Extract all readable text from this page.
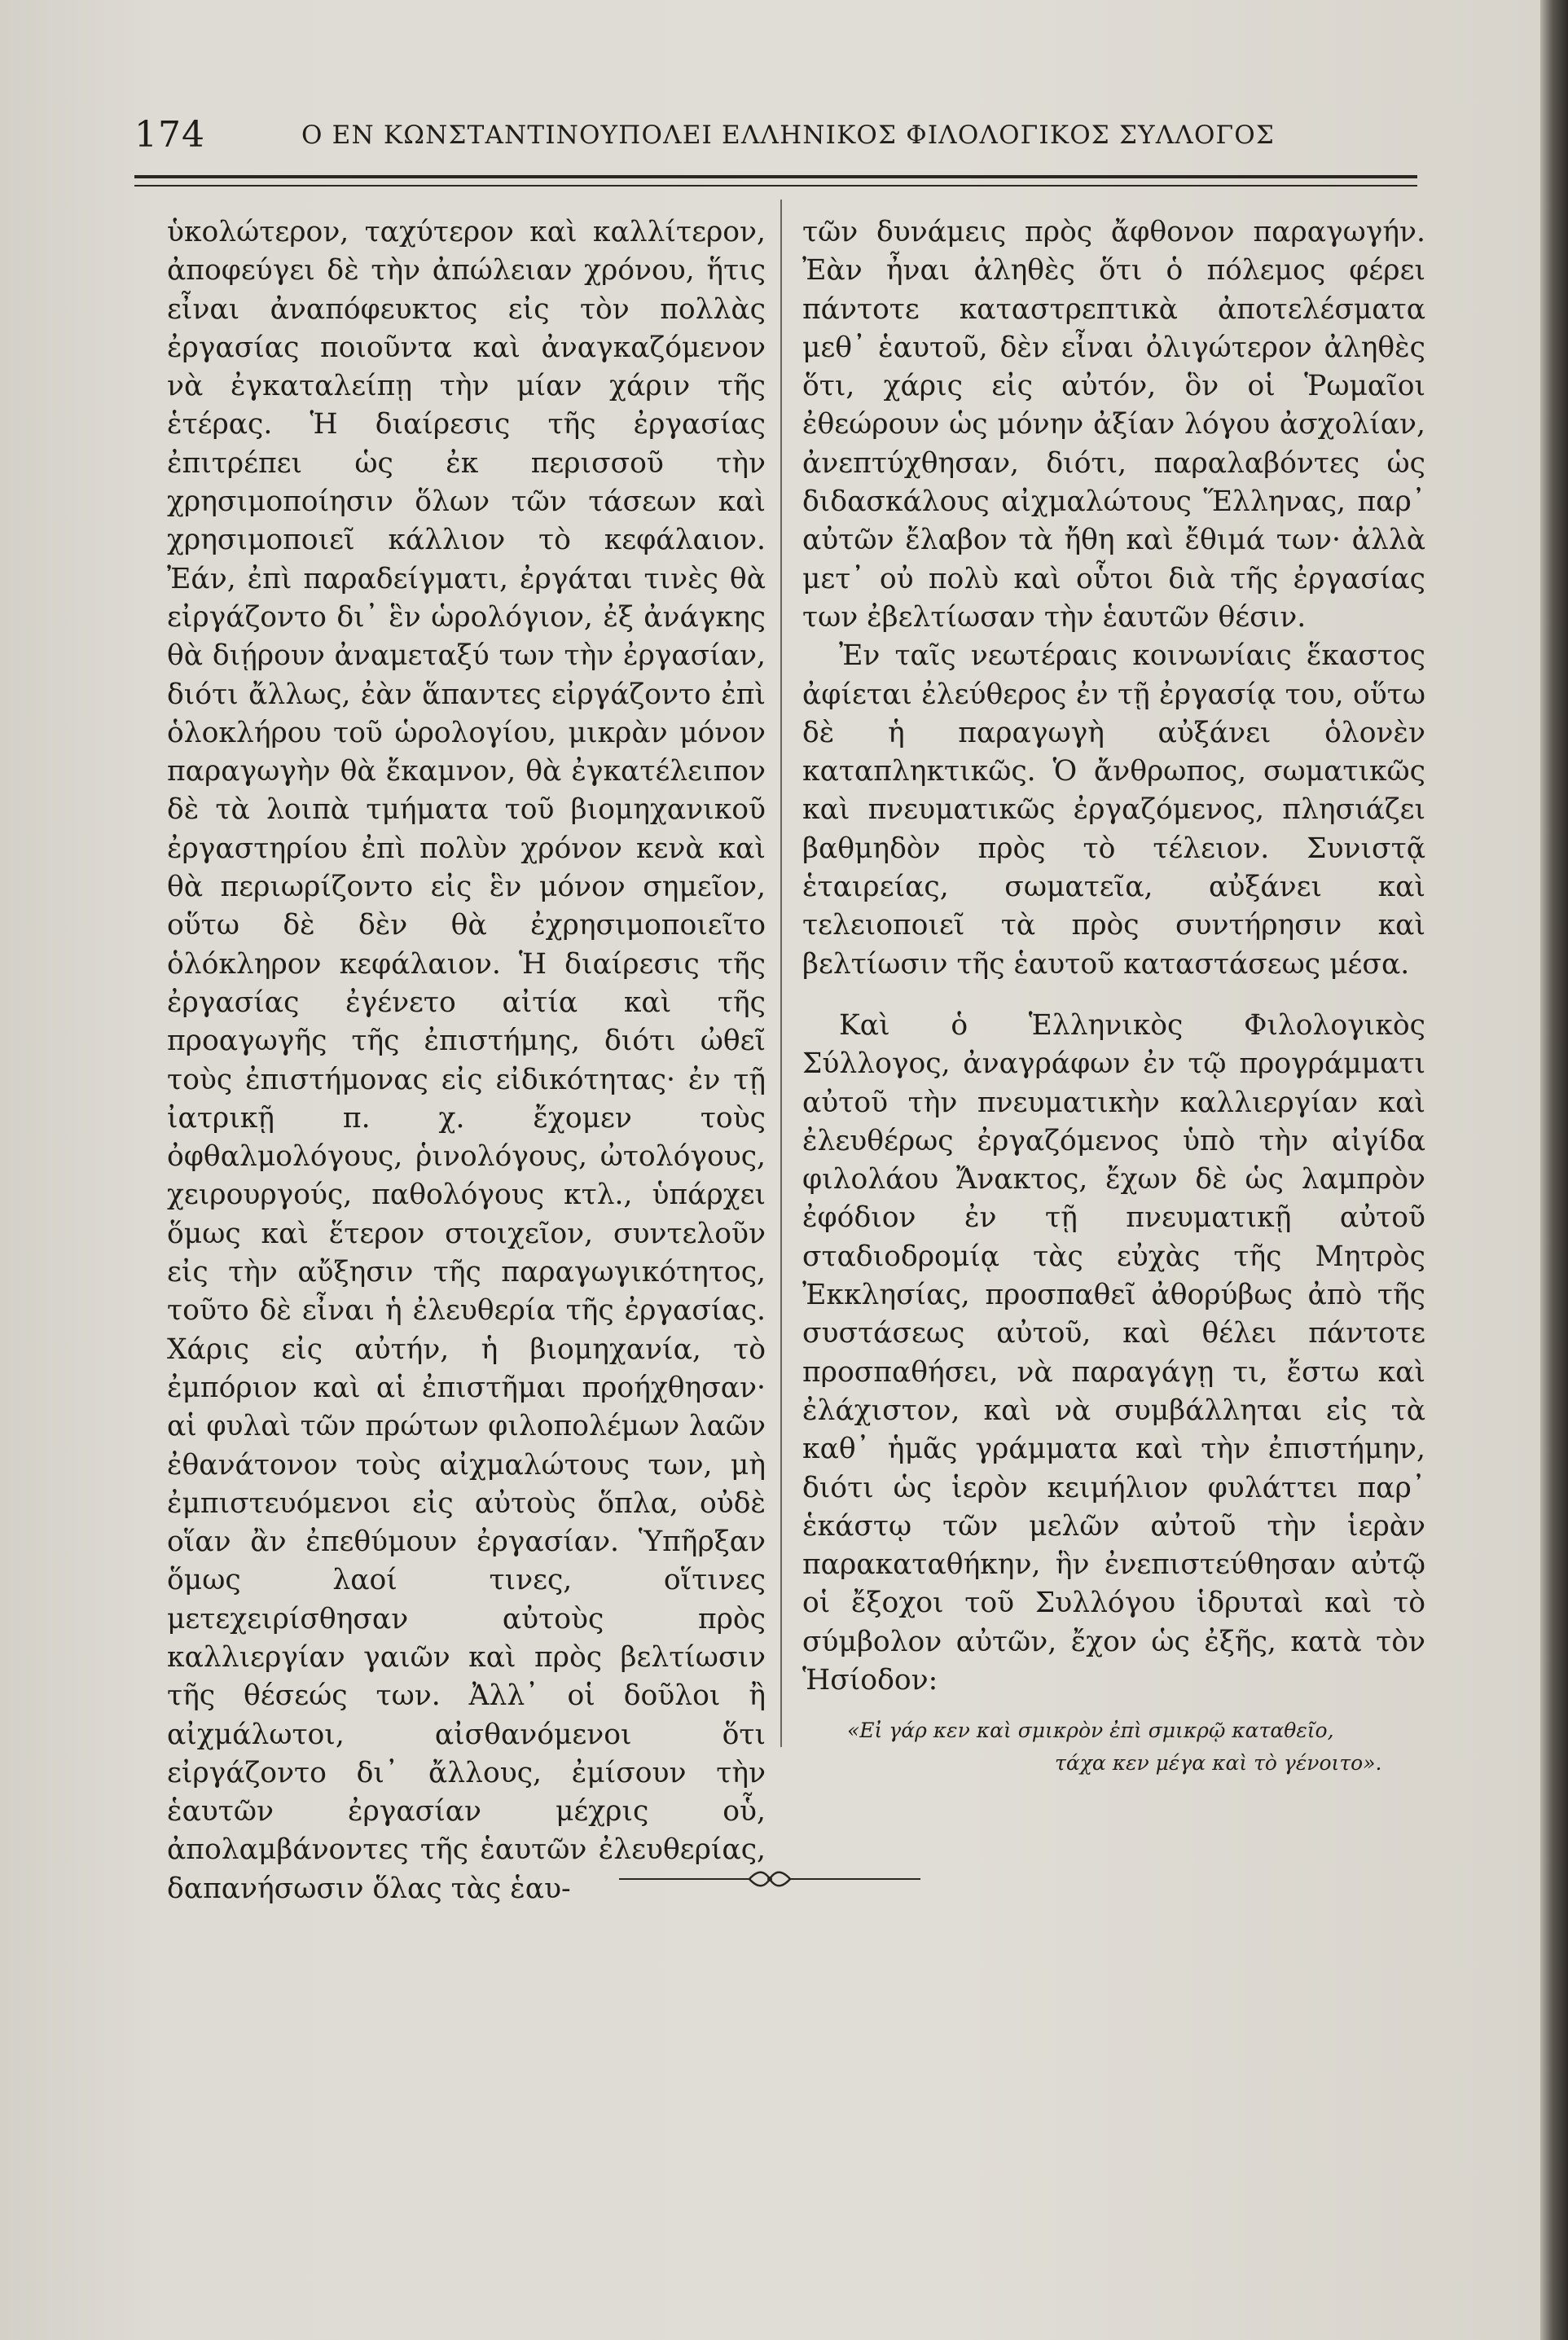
174	Ο ΕΝ ΚΩΝΣΤΑΝΤΙΝΟΥΠΟΛΕΙ ΕΛΛΗΝΙΚΟΣ ΦΙΛΟΛΟΓΙΚΟΣ ΣΥΛΛΟΓΟΣ

ὑκολώτερον, ταχύτερον καὶ καλλίτερον, ἀποφεύγει δὲ τὴν ἀπώλειαν χρόνου, ἥτις εἶναι ἀναπόφευκτος εἰς τὸν πολλὰς ἐργασίας ποιοῦντα καὶ ἀναγκαζόμενον νὰ ἐγκαταλείπῃ τὴν μίαν χάριν τῆς ἑτέρας. Ἡ διαίρεσις τῆς ἐργασίας ἐπιτρέπει ὡς ἐκ περισσοῦ τὴν χρησιμοποίησιν ὅλων τῶν τάσεων καὶ χρησιμοποιεῖ κάλλιον τὸ κεφάλαιον. Ἐάν, ἐπὶ παραδείγματι, ἐργάται τινὲς θὰ εἰργάζοντο δι᾽ ἓν ὡρολόγιον, ἐξ ἀνάγκης θὰ διῄρουν ἀναμεταξύ των τὴν ἐργασίαν, διότι ἄλλως, ἐὰν ἅπαντες εἰργάζοντο ἐπὶ ὁλοκλήρου τοῦ ὡρολογίου, μικρὰν μόνον παραγωγὴν θὰ ἔκαμνον, θὰ ἐγκατέλειπον δὲ τὰ λοιπὰ τμήματα τοῦ βιομηχανικοῦ ἐργαστηρίου ἐπὶ πολὺν χρόνον κενὰ καὶ θὰ περιωρίζοντο εἰς ἓν μόνον σημεῖον, οὕτω δὲ δὲν θὰ ἐχρησιμοποιεῖτο ὁλόκληρον κεφάλαιον. Ἡ διαίρεσις τῆς ἐργασίας ἐγένετο αἰτία καὶ τῆς προαγωγῆς τῆς ἐπιστήμης, διότι ὠθεῖ τοὺς ἐπιστήμονας εἰς εἰδικότητας· ἐν τῇ ἰατρικῇ π. χ. ἔχομεν τοὺς ὀφθαλμολόγους, ῥινολόγους, ὠτολόγους, χειρουργούς, παθολόγους κτλ., ὑπάρχει ὅμως καὶ ἕτερον στοιχεῖον, συντελοῦν εἰς τὴν αὔξησιν τῆς παραγωγικότητος, τοῦτο δὲ εἶναι ἡ ἐλευθερία τῆς ἐργασίας. Χάρις εἰς αὐτήν, ἡ βιομηχανία, τὸ ἐμπόριον καὶ αἱ ἐπιστῆμαι προήχθησαν· αἱ φυλαὶ τῶν πρώτων φιλοπολέμων λαῶν ἐθανάτονον τοὺς αἰχμαλώτους των, μὴ ἐμπιστευόμενοι εἰς αὐτοὺς ὅπλα, οὐδὲ οἵαν ἂν ἐπεθύμουν ἐργασίαν. Ὑπῆρξαν ὅμως λαοί τινες, οἵτινες μετεχειρίσθησαν αὐτοὺς πρὸς καλλιεργίαν γαιῶν καὶ πρὸς βελτίωσιν τῆς θέσεώς των. Ἀλλ᾽ οἱ δοῦλοι ἢ αἰχμάλωτοι, αἰσθανόμενοι ὅτι εἰργάζοντο δι᾽ ἄλλους, ἐμίσουν τὴν ἑαυτῶν ἐργασίαν μέχρις οὗ, ἀπολαμβάνοντες τῆς ἑαυτῶν ἐλευθερίας, δαπανήσωσιν ὅλας τὰς ἑαυ-

τῶν δυνάμεις πρὸς ἄφθονον παραγωγήν. Ἐὰν ἦναι ἀληθὲς ὅτι ὁ πόλεμος φέρει πάντοτε καταστρεπτικὰ ἀποτελέσματα μεθ᾽ ἑαυτοῦ, δὲν εἶναι ὀλιγώτερον ἀληθὲς ὅτι, χάρις εἰς αὐτόν, ὃν οἱ Ῥωμαῖοι ἐθεώρουν ὡς μόνην ἀξίαν λόγου ἀσχολίαν, ἀνεπτύχθησαν, διότι, παραλαβόντες ὡς διδασκάλους αἰχμαλώτους Ἕλληνας, παρ᾽ αὐτῶν ἔλαβον τὰ ἤθη καὶ ἔθιμά των· ἀλλὰ μετ᾽ οὐ πολὺ καὶ οὗτοι διὰ τῆς ἐργασίας των ἐβελτίωσαν τὴν ἑαυτῶν θέσιν.

Ἐν ταῖς νεωτέραις κοινωνίαις ἕκαστος ἀφίεται ἐλεύθερος ἐν τῇ ἐργασίᾳ του, οὕτω δὲ ἡ παραγωγὴ αὐξάνει ὁλονὲν καταπληκτικῶς. Ὁ ἄνθρωπος, σωματικῶς καὶ πνευματικῶς ἐργαζόμενος, πλησιάζει βαθμηδὸν πρὸς τὸ τέλειον. Συνιστᾷ ἑταιρείας, σωματεῖα, αὐξάνει καὶ τελειοποιεῖ τὰ πρὸς συντήρησιν καὶ βελτίωσιν τῆς ἑαυτοῦ καταστάσεως μέσα.

Καὶ ὁ Ἑλληνικὸς Φιλολογικὸς Σύλλογος, ἀναγράφων ἐν τῷ προγράμματι αὐτοῦ τὴν πνευματικὴν καλλιεργίαν καὶ ἐλευθέρως ἐργαζόμενος ὑπὸ τὴν αἰγίδα φιλολάου Ἄνακτος, ἔχων δὲ ὡς λαμπρὸν ἐφόδιον ἐν τῇ πνευματικῇ αὐτοῦ σταδιοδρομίᾳ τὰς εὐχὰς τῆς Μητρὸς Ἐκκλησίας, προσπαθεῖ ἀθορύβως ἀπὸ τῆς συστάσεως αὐτοῦ, καὶ θέλει πάντοτε προσπαθήσει, νὰ παραγάγῃ τι, ἔστω καὶ ἐλάχιστον, καὶ νὰ συμβάλληται εἰς τὰ καθ᾽ ἡμᾶς γράμματα καὶ τὴν ἐπιστήμην, διότι ὡς ἱερὸν κειμήλιον φυλάττει παρ᾽ ἑκάστῳ τῶν μελῶν αὐτοῦ τὴν ἱερὰν παρακαταθήκην, ἣν ἐνεπιστεύθησαν αὐτῷ οἱ ἔξοχοι τοῦ Συλλόγου ἱδρυταὶ καὶ τὸ σύμβολον αὐτῶν, ἔχον ὡς ἐξῆς, κατὰ τὸν Ἡσίοδον:

«Εἰ γάρ κεν καὶ σμικρὸν ἐπὶ σμικρῷ καταθεῖο,
τάχα κεν μέγα καὶ τὸ γένοιτο».
